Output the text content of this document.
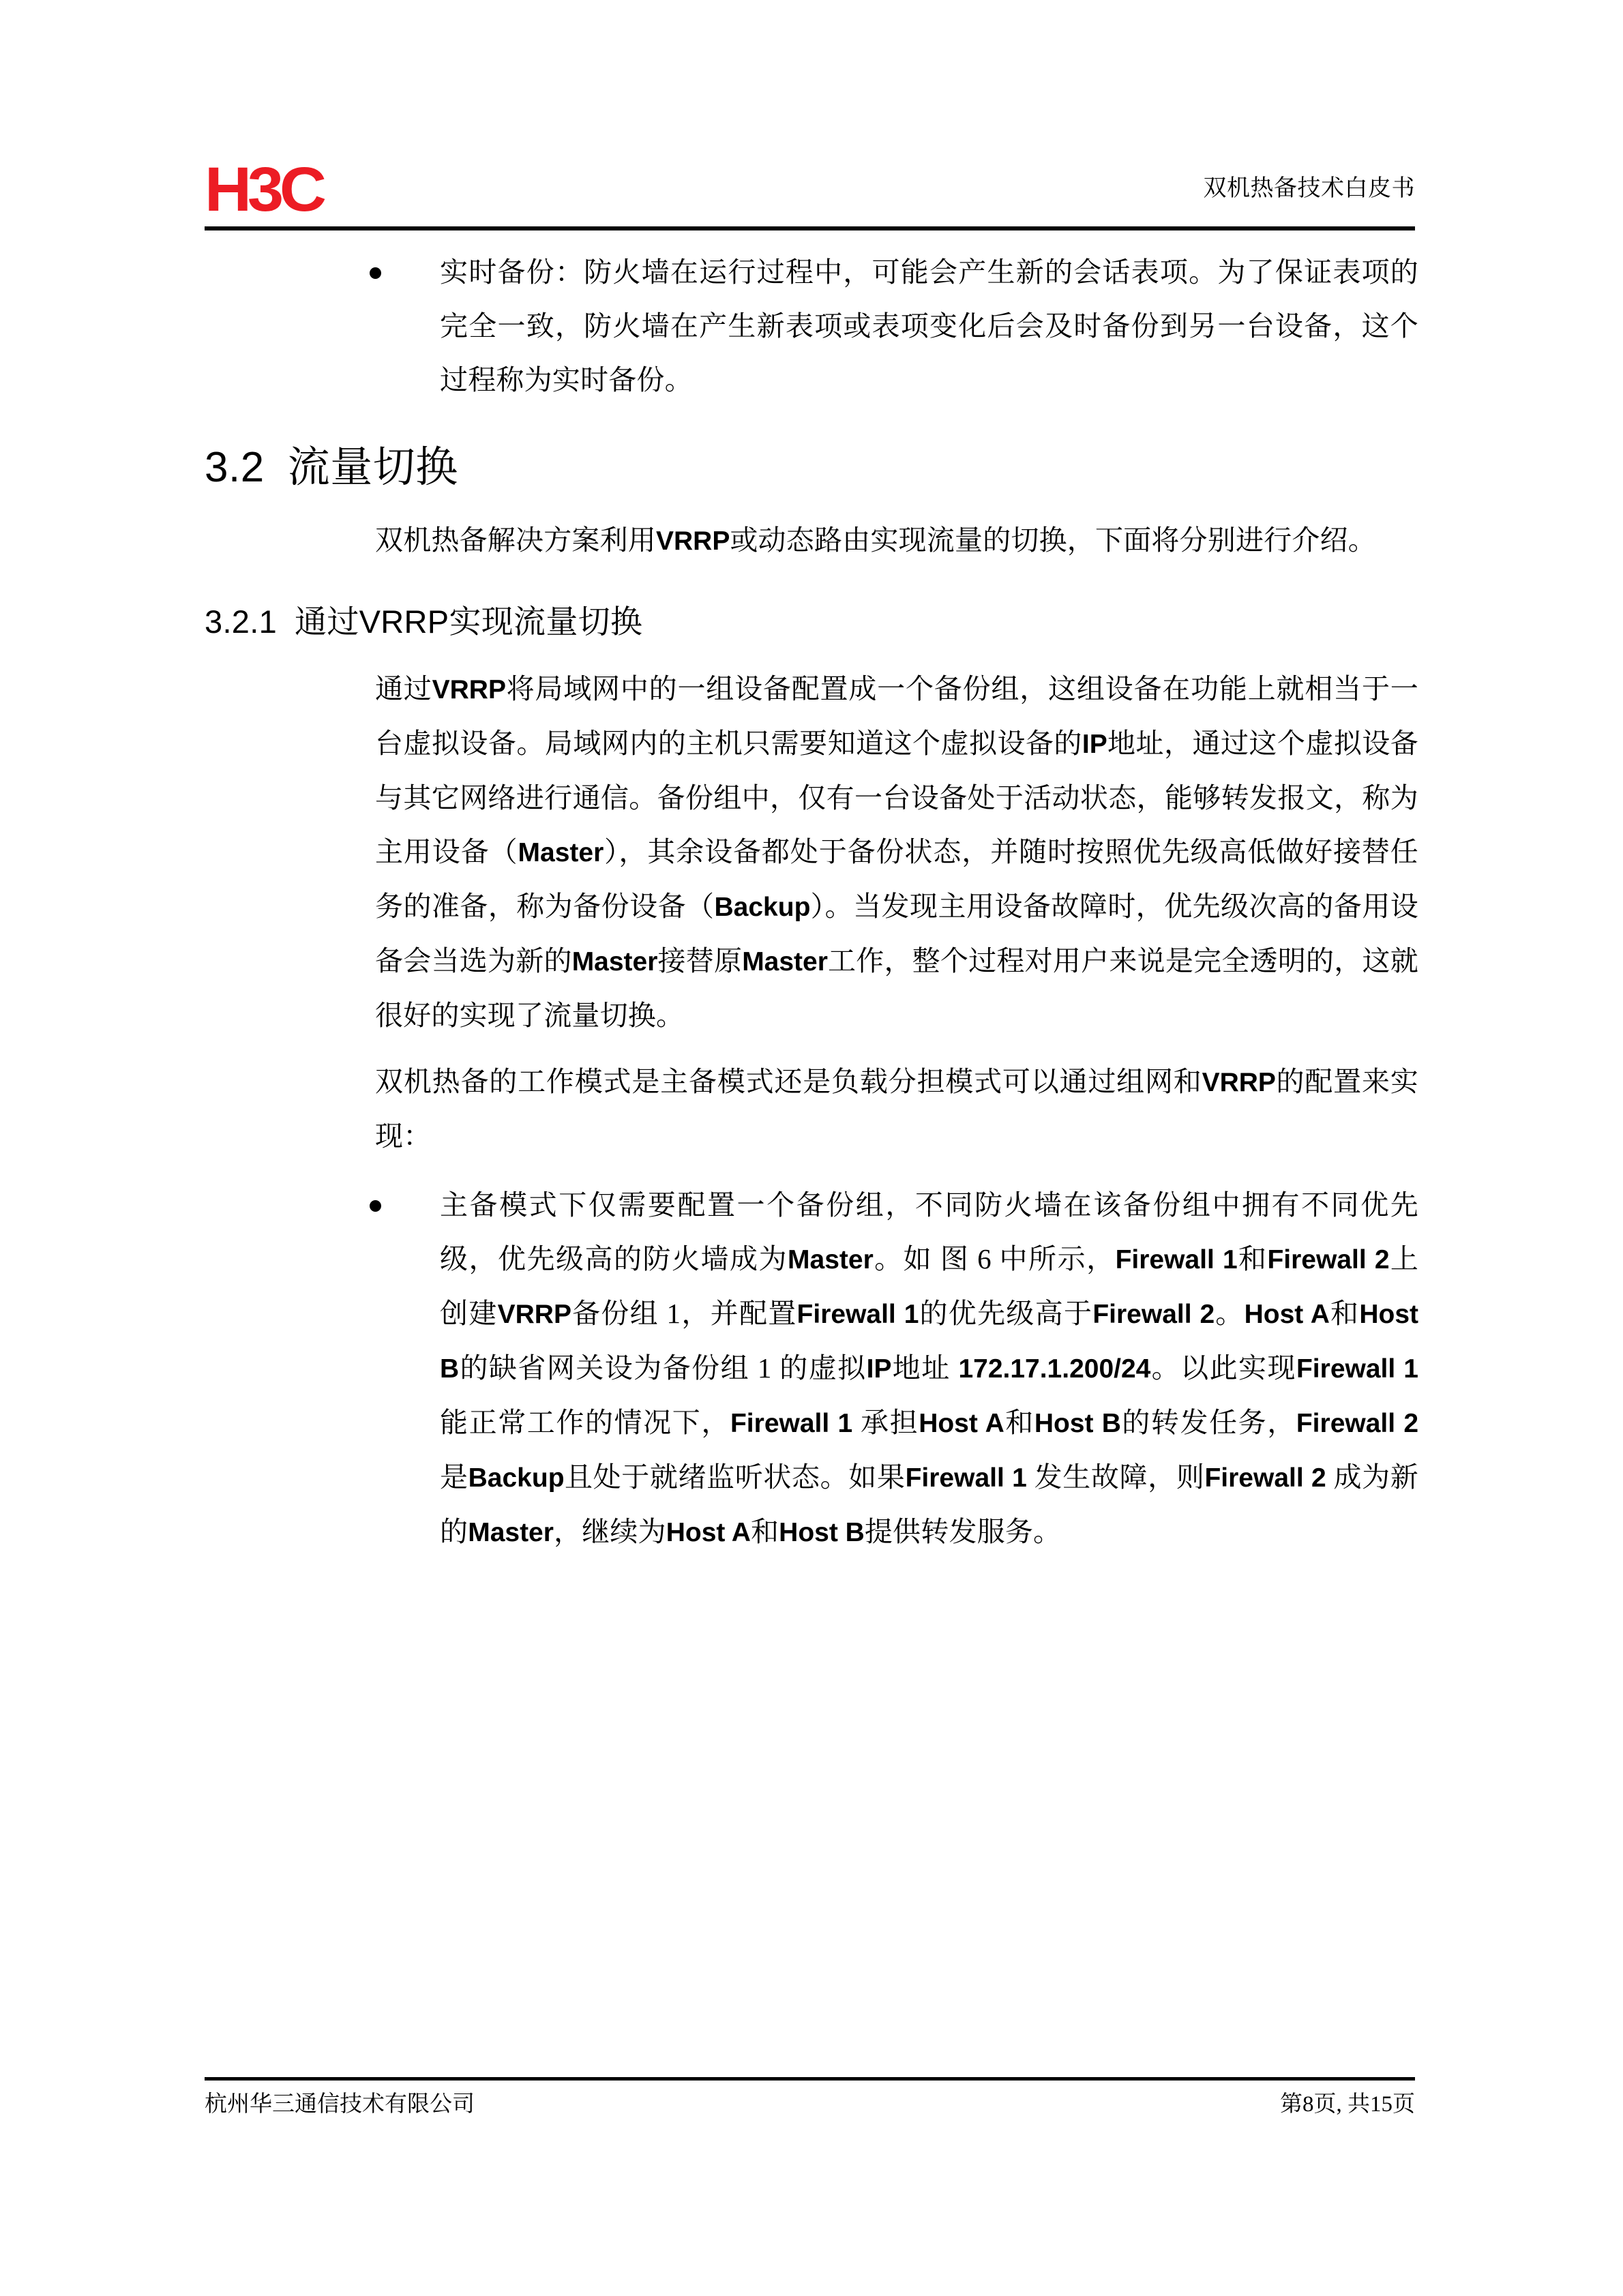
H3C	双机热备技术白皮书
实时备份：防火墙在运行过程中，可能会产生新的会话表项。为了保证表项的完全一致，防火墙在产生新表项或表项变化后会及时备份到另一台设备，这个过程称为实时备份。
3.2 流量切换
双机热备解决方案利用VRRP或动态路由实现流量的切换，下面将分别进行介绍。
3.2.1 通过VRRP实现流量切换
通过VRRP将局域网中的一组设备配置成一个备份组，这组设备在功能上就相当于一台虚拟设备。局域网内的主机只需要知道这个虚拟设备的IP地址，通过这个虚拟设备与其它网络进行通信。备份组中，仅有一台设备处于活动状态，能够转发报文，称为主用设备（Master），其余设备都处于备份状态，并随时按照优先级高低做好接替任务的准备，称为备份设备（Backup）。当发现主用设备故障时，优先级次高的备用设备会当选为新的Master接替原Master工作，整个过程对用户来说是完全透明的，这就很好的实现了流量切换。
双机热备的工作模式是主备模式还是负载分担模式可以通过组网和VRRP的配置来实现：
主备模式下仅需要配置一个备份组，不同防火墙在该备份组中拥有不同优先级，优先级高的防火墙成为Master。如 图 6 中所示，Firewall 1和Firewall 2上创建VRRP备份组 1，并配置Firewall 1的优先级高于Firewall 2。Host A和Host B的缺省网关设为备份组 1 的虚拟IP地址 172.17.1.200/24。以此实现Firewall 1 能正常工作的情况下，Firewall 1 承担Host A和Host B的转发任务，Firewall 2 是Backup且处于就绪监听状态。如果Firewall 1 发生故障，则Firewall 2 成为新的Master，继续为Host A和Host B提供转发服务。
杭州华三通信技术有限公司	第8页, 共15页
